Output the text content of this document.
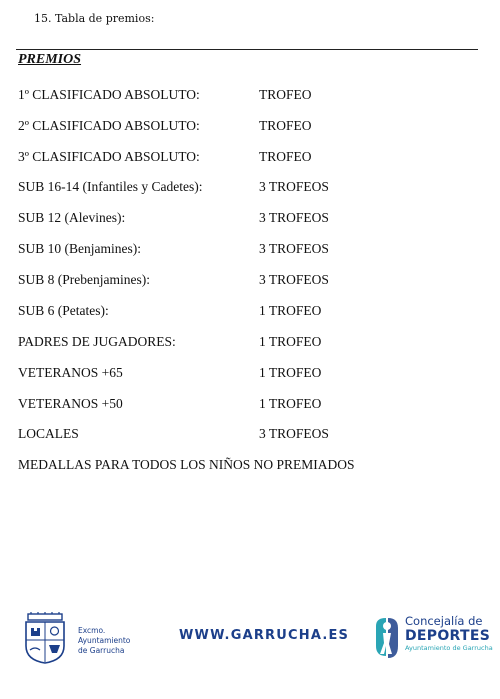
15. Tabla de premios:
PREMIOS
1º CLASIFICADO ABSOLUTO:	TROFEO
2º CLASIFICADO ABSOLUTO:	TROFEO
3º CLASIFICADO ABSOLUTO:	TROFEO
SUB 16-14 (Infantiles y Cadetes):	3 TROFEOS
SUB 12 (Alevines):	3 TROFEOS
SUB 10 (Benjamines):	3 TROFEOS
SUB 8 (Prebenjamines):	3 TROFEOS
SUB 6 (Petates):	1 TROFEO
PADRES DE JUGADORES:	1 TROFEO
VETERANOS +65	1 TROFEO
VETERANOS +50	1 TROFEO
LOCALES	3 TROFEOS
MEDALLAS PARA TODOS LOS NIÑOS NO PREMIADOS
Excmo.
Ayuntamiento
de Garrucha
WWW.GARRUCHA.ES
Concejalía de
DEPORTES
Ayuntamiento de Garrucha
